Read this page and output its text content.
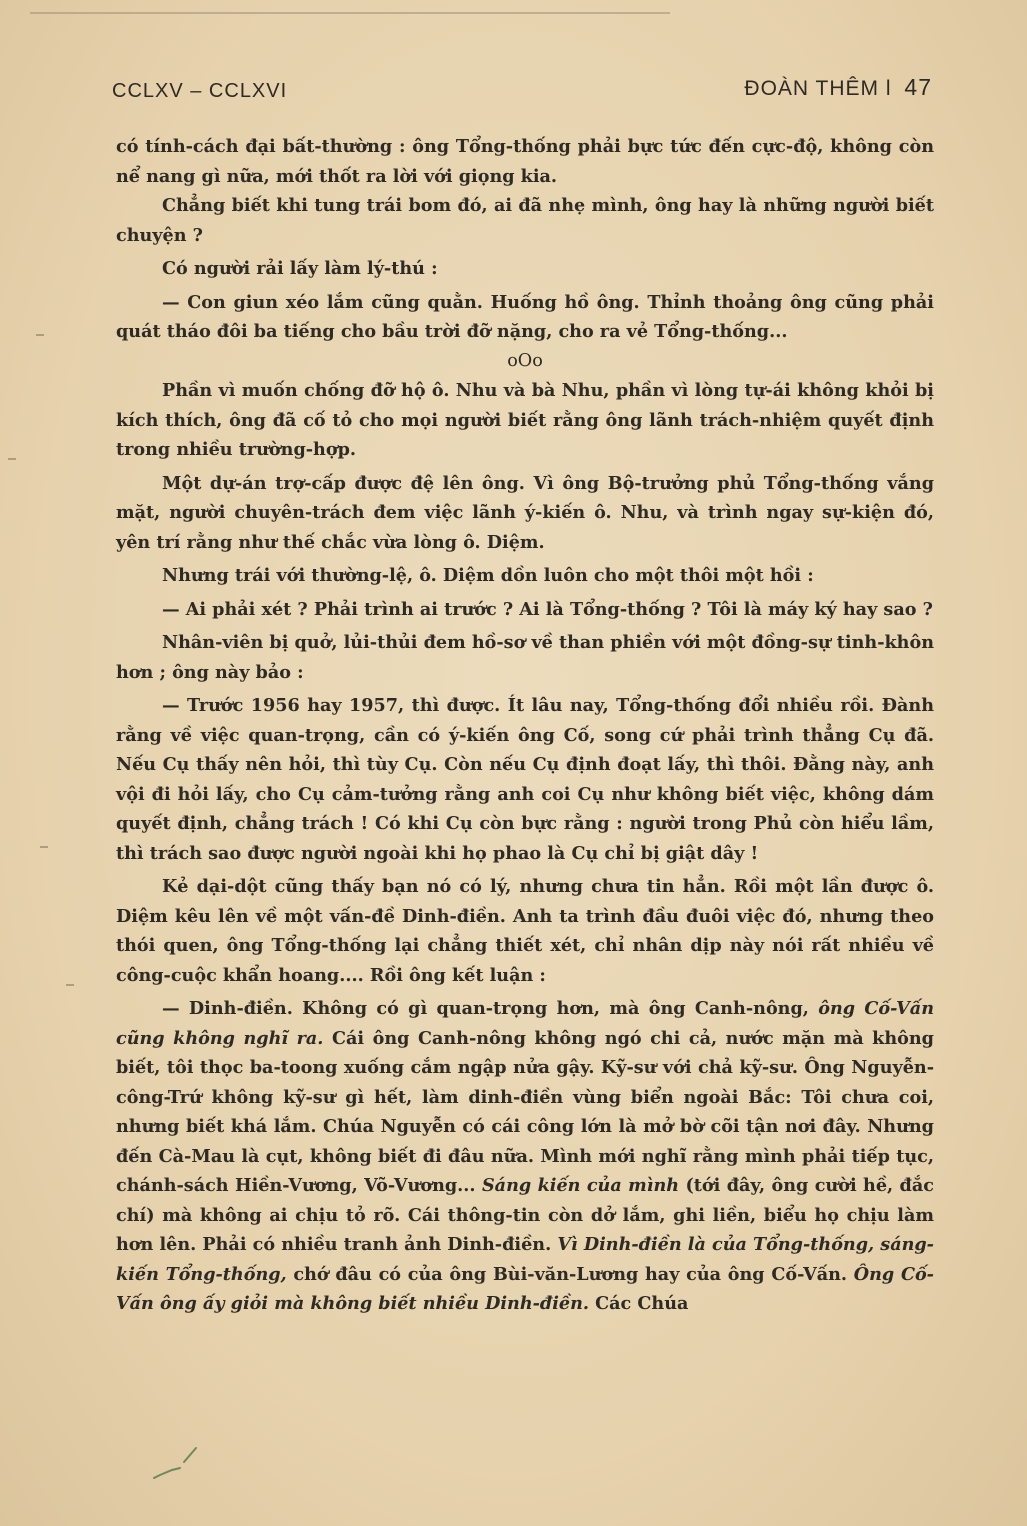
CCLXV – CCLXVI	ĐOÀN THÊM l 47

có tính-cách đại bất-thường : ông Tổng-thống phải bực tức đến cực-độ, không còn nể nang gì nữa, mới thốt ra lời với giọng kia.

Chẳng biết khi tung trái bom đó, ai đã nhẹ mình, ông hay là những người biết chuyện ?

Có người rải lấy làm lý-thú :

— Con giun xéo lắm cũng quằn. Huống hồ ông. Thỉnh thoảng ông cũng phải quát tháo đôi ba tiếng cho bầu trời đỡ nặng, cho ra vẻ Tổng-thống...

oOo

Phần vì muốn chống đỡ hộ ô. Nhu và bà Nhu, phần vì lòng tự-ái không khỏi bị kích thích, ông đã cố tỏ cho mọi người biết rằng ông lãnh trách-nhiệm quyết định trong nhiều trường-hợp.

Một dự-án trợ-cấp được đệ lên ông. Vì ông Bộ-trưởng phủ Tổng-thống vắng mặt, người chuyên-trách đem việc lãnh ý-kiến ô. Nhu, và trình ngay sự-kiện đó, yên trí rằng như thế chắc vừa lòng ô. Diệm.

Nhưng trái với thường-lệ, ô. Diệm dồn luôn cho một thôi một hồi :

— Ai phải xét ? Phải trình ai trước ? Ai là Tổng-thống ? Tôi là máy ký hay sao ?

Nhân-viên bị quở, lủi-thủi đem hồ-sơ về than phiền với một đồng-sự tinh-khôn hơn ; ông này bảo :

— Trước 1956 hay 1957, thì được. Ít lâu nay, Tổng-thống đổi nhiều rồi. Đành rằng về việc quan-trọng, cần có ý-kiến ông Cố, song cứ phải trình thẳng Cụ đã. Nếu Cụ thấy nên hỏi, thì tùy Cụ. Còn nếu Cụ định đoạt lấy, thì thôi. Đằng này, anh vội đi hỏi lấy, cho Cụ cảm-tưởng rằng anh coi Cụ như không biết việc, không dám quyết định, chẳng trách ! Có khi Cụ còn bực rằng : người trong Phủ còn hiểu lầm, thì trách sao được người ngoài khi họ phao là Cụ chỉ bị giật dây !

Kẻ dại-dột cũng thấy bạn nó có lý, nhưng chưa tin hẳn. Rồi một lần được ô. Diệm kêu lên về một vấn-đề Dinh-điền. Anh ta trình đầu đuôi việc đó, nhưng theo thói quen, ông Tổng-thống lại chẳng thiết xét, chỉ nhân dịp này nói rất nhiều về công-cuộc khẩn hoang.... Rồi ông kết luận :

— Dinh-điền. Không có gì quan-trọng hơn, mà ông Canh-nông, ông Cố-Vấn cũng không nghĩ ra. Cái ông Canh-nông không ngó chi cả, nước mặn mà không biết, tôi thọc ba-toong xuống cắm ngập nửa gậy. Kỹ-sư với chả kỹ-sư. Ông Nguyễn-công-Trứ không kỹ-sư gì hết, làm dinh-điền vùng biển ngoài Bắc: Tôi chưa coi, nhưng biết khá lắm. Chúa Nguyễn có cái công lớn là mở bờ cõi tận nơi đây. Nhưng đến Cà-Mau là cụt, không biết đi đâu nữa. Mình mới nghĩ rằng mình phải tiếp tục, chánh-sách Hiền-Vương, Võ-Vương... Sáng kiến của mình (tới đây, ông cười hề, đắc chí) mà không ai chịu tỏ rõ. Cái thông-tin còn dở lắm, ghi liền, biểu họ chịu làm hơn lên. Phải có nhiều tranh ảnh Dinh-điền. Vì Dinh-điền là của Tổng-thống, sáng-kiến Tổng-thống, chớ đâu có của ông Bùi-văn-Lương hay của ông Cố-Vấn. Ông Cố-Vấn ông ấy giỏi mà không biết nhiều Dinh-điền. Các Chúa
